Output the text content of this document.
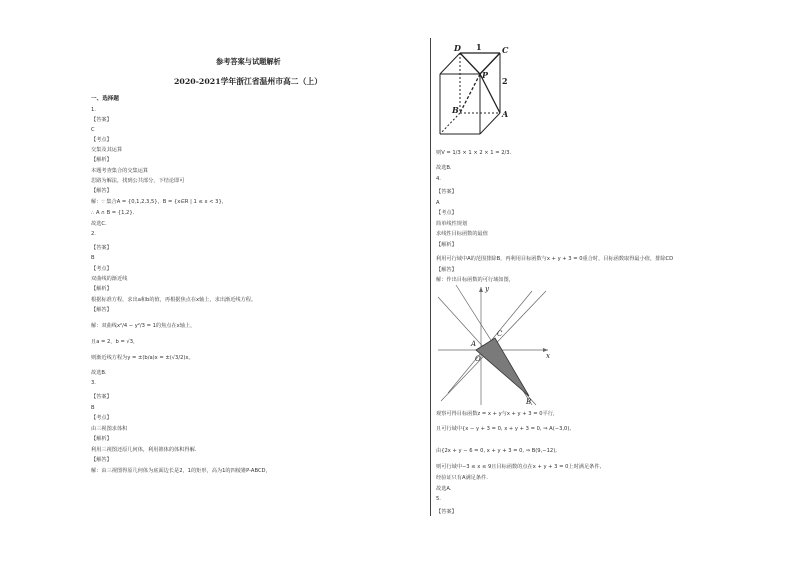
参考答案与试题解析
2020-2021学年浙江省温州市高二（上）
一、选择题
1.
【答案】
C
【考点】
交集及其运算
【解析】
本题考查集合的交集运算
思路为解法，找到公共部分，下结论即可
【解答】
解：∵ 集合A = {0,1,2,3,5}，B = {x∈R | 1 ≤ x < 3}，
∴ A ∩ B = {1,2}.
故选C.
2.
【答案】
B
【考点】
双曲线的渐近线
【解析】
根据标准方程，求出a和b的值，再根据焦点在x轴上，求出渐近线方程。
【解答】
解：双曲线x²/4 − y²/3 = 1的焦点在x轴上，
且a = 2，b = √3，
则渐近线方程为y = ±(b/a)x = ±(√3/2)x。
故选B.
3.
【答案】
B
【考点】
由三视图求体积
【解析】
利用三视图还原几何体，利用锥体的体积得解.
【解答】
解：由三视图得原几何体为底面边长是2，1的矩形，高为1的四棱锥P-ABCD，
D 1	C
P
2
B	A
则V = 1/3 × 1 × 2 × 1 = 2/3.
故选B.
4.
【答案】
A
【考点】
简单线性规划
求线性目标函数的最值
【解析】
利用可行域中A的范围排除B，再利用目标函数与x + y + 3 = 0重合时，目标函数取得最小值，排除CD
【解答】
解：作出目标函数的可行域如图，
y
x
A
O
C
B
观察可得目标函数z = x + y与x + y + 3 = 0平行，
且可行域中{x − y + 3 = 0, x + y + 3 = 0, ⇒ A(−3,0),
由{2x + y − 6 = 0, x + y + 3 = 0, ⇒ B(9,−12),
则可行域中−3 ≤ x ≤ 9且目标函数的点在x + y + 3 = 0上时满足条件,
经验证只有A满足条件.
故选A.
5.
【答案】
